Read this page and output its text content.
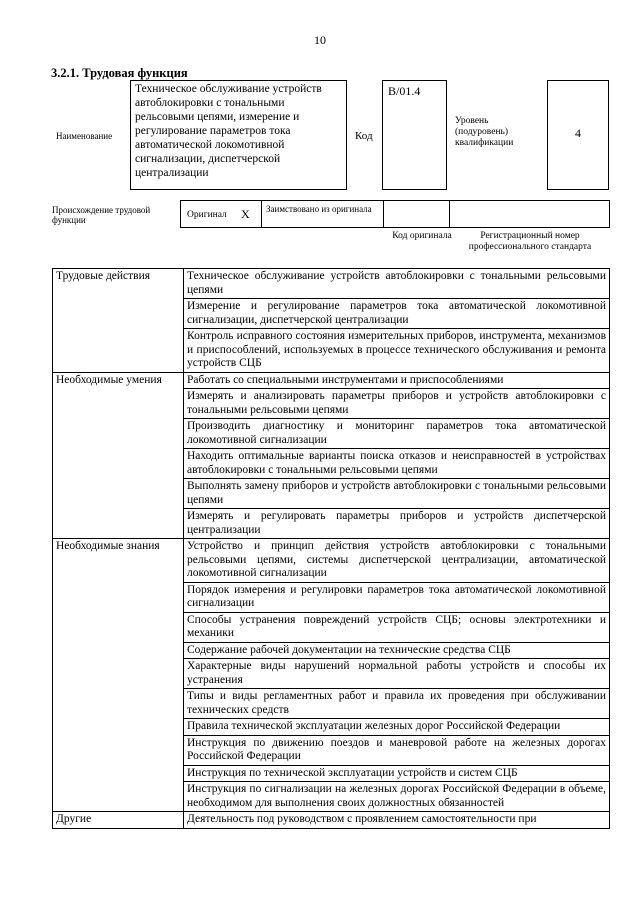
10
3.2.1. Трудовая функция
Наименование
Техническое обслуживание устройств автоблокировки с тональными рельсовыми цепями, измерение и регулирование параметров тока автоматической локомотивной сигнализации, диспетчерской централизации
Код
B/01.4
Уровень (подуровень) квалификации
4
Происхождение трудовой функции	Оригинал X Заимствовано из оригинала
Код оригинала	Регистрационный номер профессионального стандарта
Трудовые действия	Техническое обслуживание устройств автоблокировки с тональными рельсовыми цепями
	Измерение и регулирование параметров тока автоматической локомотивной сигнализации, диспетчерской централизации
	Контроль исправного состояния измерительных приборов, инструмента, механизмов и приспособлений, используемых в процессе технического обслуживания и ремонта устройств СЦБ
Необходимые умения	Работать со специальными инструментами и приспособлениями
	Измерять и анализировать параметры приборов и устройств автоблокировки с тональными рельсовыми цепями
	Производить диагностику и мониторинг параметров тока автоматической локомотивной сигнализации
	Находить оптимальные варианты поиска отказов и неисправностей в устройствах автоблокировки с тональными рельсовыми цепями
	Выполнять замену приборов и устройств автоблокировки с тональными рельсовыми цепями
	Измерять и регулировать параметры приборов и устройств диспетчерской централизации
Необходимые знания	Устройство и принцип действия устройств автоблокировки с тональными рельсовыми цепями, системы диспетчерской централизации, автоматической локомотивной сигнализации
	Порядок измерения и регулировки параметров тока автоматической локомотивной сигнализации
	Способы устранения повреждений устройств СЦБ; основы электротехники и механики
	Содержание рабочей документации на технические средства СЦБ
	Характерные виды нарушений нормальной работы устройств и способы их устранения
	Типы и виды регламентных работ и правила их проведения при обслуживании технических средств
	Правила технической эксплуатации железных дорог Российской Федерации
	Инструкция по движению поездов и маневровой работе на железных дорогах Российской Федерации
	Инструкция по технической эксплуатации устройств и систем СЦБ
	Инструкция по сигнализации на железных дорогах Российской Федерации в объеме, необходимом для выполнения своих должностных обязанностей
Другие	Деятельность под руководством с проявлением самостоятельности при
